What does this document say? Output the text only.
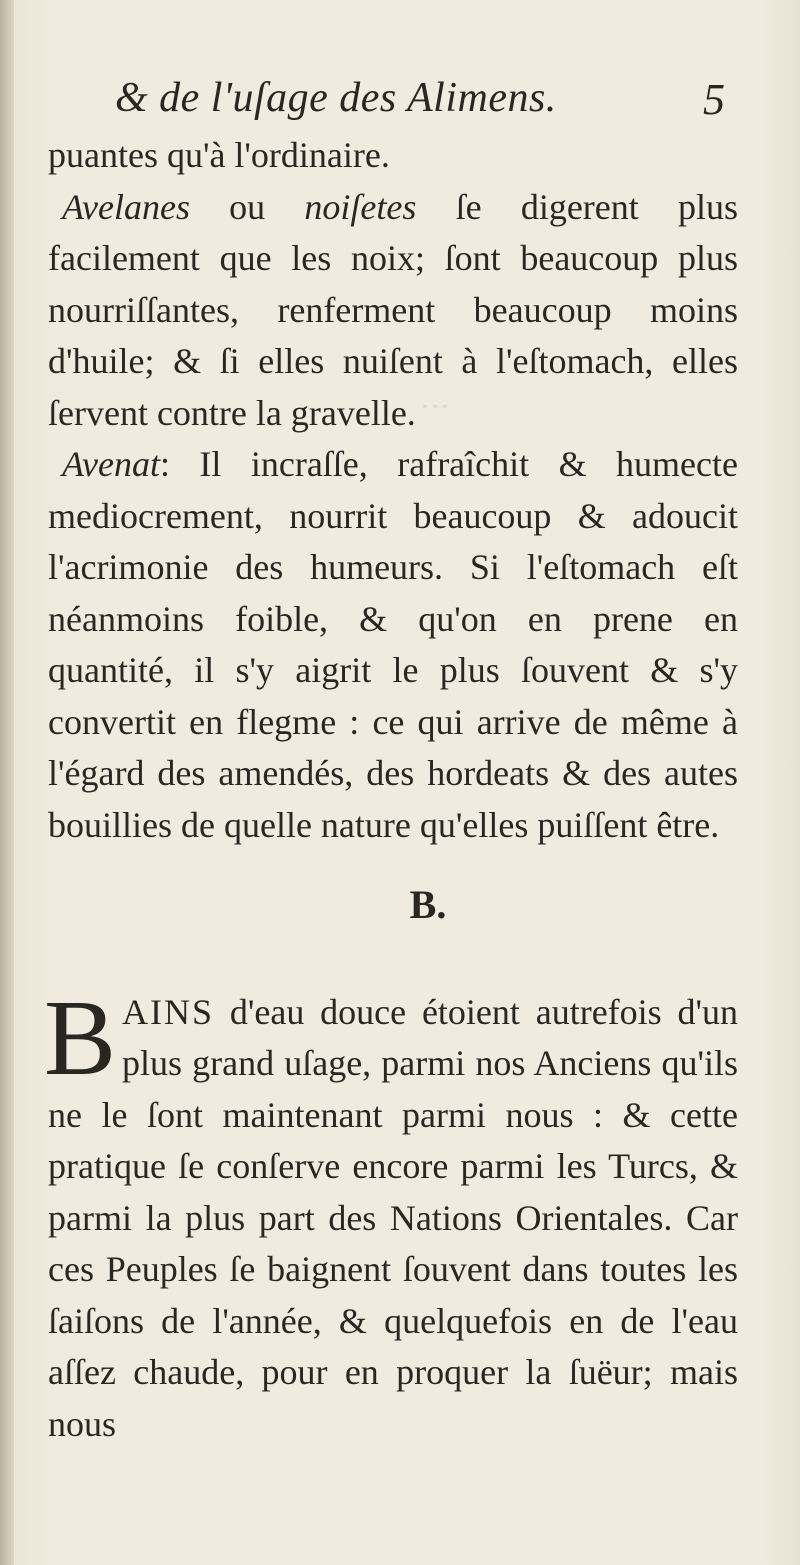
···
& de l'uſage des Alimens.	5

puantes qu'à l'ordinaire.

Avelanes ou noiſetes ſe digerent plus facilement que les noix; ſont beaucoup plus nourriſſantes, renferment beaucoup moins d'huile; & ſi elles nuiſent à l'eſtomach, elles ſervent contre la gravelle.

Avenat: Il incraſſe, rafraîchit & humecte mediocrement, nourrit beaucoup & adoucit l'acrimonie des humeurs. Si l'eſtomach eſt néanmoins foible, & qu'on en prene en quantité, il s'y aigrit le plus ſouvent & s'y convertit en flegme : ce qui arrive de même à l'égard des amendés, des hordeats & des autes bouillies de quelle nature qu'elles puiſſent être.

B.

BAINS d'eau douce étoient autrefois d'un plus grand uſage, parmi nos Anciens qu'ils ne le ſont maintenant parmi nous : & cette pratique ſe conſerve encore parmi les Turcs, & parmi la plus part des Nations Orientales. Car ces Peuples ſe baignent ſouvent dans toutes les ſaiſons de l'année, & quelquefois en de l'eau aſſez chaude, pour en proquer la ſuëur; mais nous
